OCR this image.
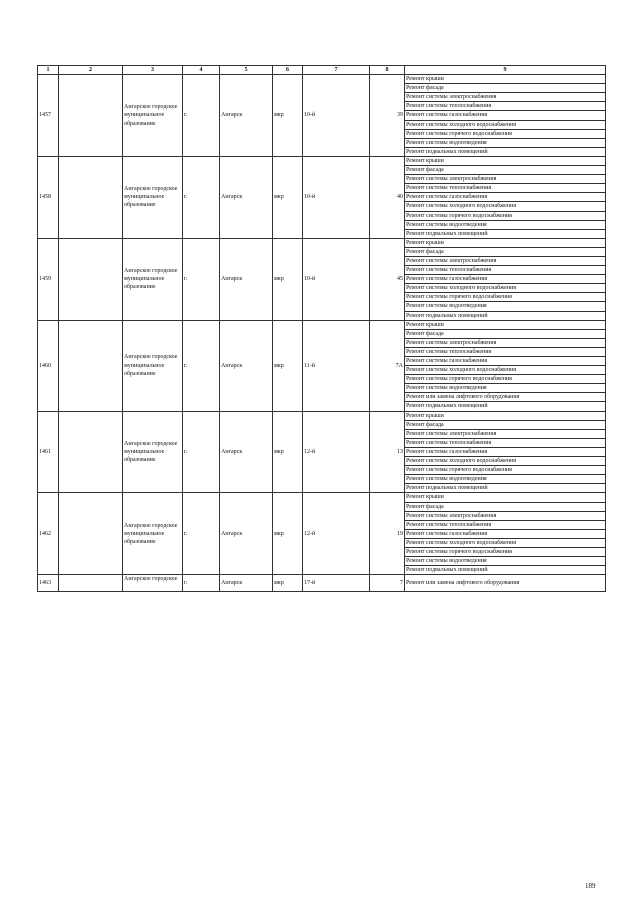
1	2	3	4	5	6	7	8	9
1457		Ангарское городское муниципальное образование	г.	Ангарск	мкр	10-й	39	Ремонт крыши
								Ремонт фасада
								Ремонт системы электроснабжения
								Ремонт системы теплоснабжения
								Ремонт системы газоснабжения
								Ремонт системы холодного водоснабжения
								Ремонт системы горячего водоснабжения
								Ремонт системы водоотведения
								Ремонт подвальных помещений
1458		Ангарское городское муниципальное образование	г.	Ангарск	мкр	10-й	40	Ремонт крыши
								Ремонт фасада
								Ремонт системы электроснабжения
								Ремонт системы теплоснабжения
								Ремонт системы газоснабжения
								Ремонт системы холодного водоснабжения
								Ремонт системы горячего водоснабжения
								Ремонт системы водоотведения
								Ремонт подвальных помещений
1459		Ангарское городское муниципальное образование	г.	Ангарск	мкр	10-й	45	Ремонт крыши
								Ремонт фасада
								Ремонт системы электроснабжения
								Ремонт системы теплоснабжения
								Ремонт системы газоснабжения
								Ремонт системы холодного водоснабжения
								Ремонт системы горячего водоснабжения
								Ремонт системы водоотведения
								Ремонт подвальных помещений
1460		Ангарское городское муниципальное образование	г.	Ангарск	мкр	11-й	7А	Ремонт крыши
								Ремонт фасада
								Ремонт системы электроснабжения
								Ремонт системы теплоснабжения
								Ремонт системы газоснабжения
								Ремонт системы холодного водоснабжения
								Ремонт системы горячего водоснабжения
								Ремонт системы водоотведения
								Ремонт или замена лифтового оборудования
								Ремонт подвальных помещений
1461		Ангарское городское муниципальное образование	г.	Ангарск	мкр	12-й	13	Ремонт крыши
								Ремонт фасада
								Ремонт системы электроснабжения
								Ремонт системы теплоснабжения
								Ремонт системы газоснабжения
								Ремонт системы холодного водоснабжения
								Ремонт системы горячего водоснабжения
								Ремонт системы водоотведения
								Ремонт подвальных помещений
1462		Ангарское городское муниципальное образование	г.	Ангарск	мкр	12-й	19	Ремонт крыши
								Ремонт фасада
								Ремонт системы электроснабжения
								Ремонт системы теплоснабжения
								Ремонт системы газоснабжения
								Ремонт системы холодного водоснабжения
								Ремонт системы горячего водоснабжения
								Ремонт системы водоотведения
								Ремонт подвальных помещений
1463		Ангарское городское	г.	Ангарск	мкр	17-й	7	Ремонт или замена лифтового оборудования
189
